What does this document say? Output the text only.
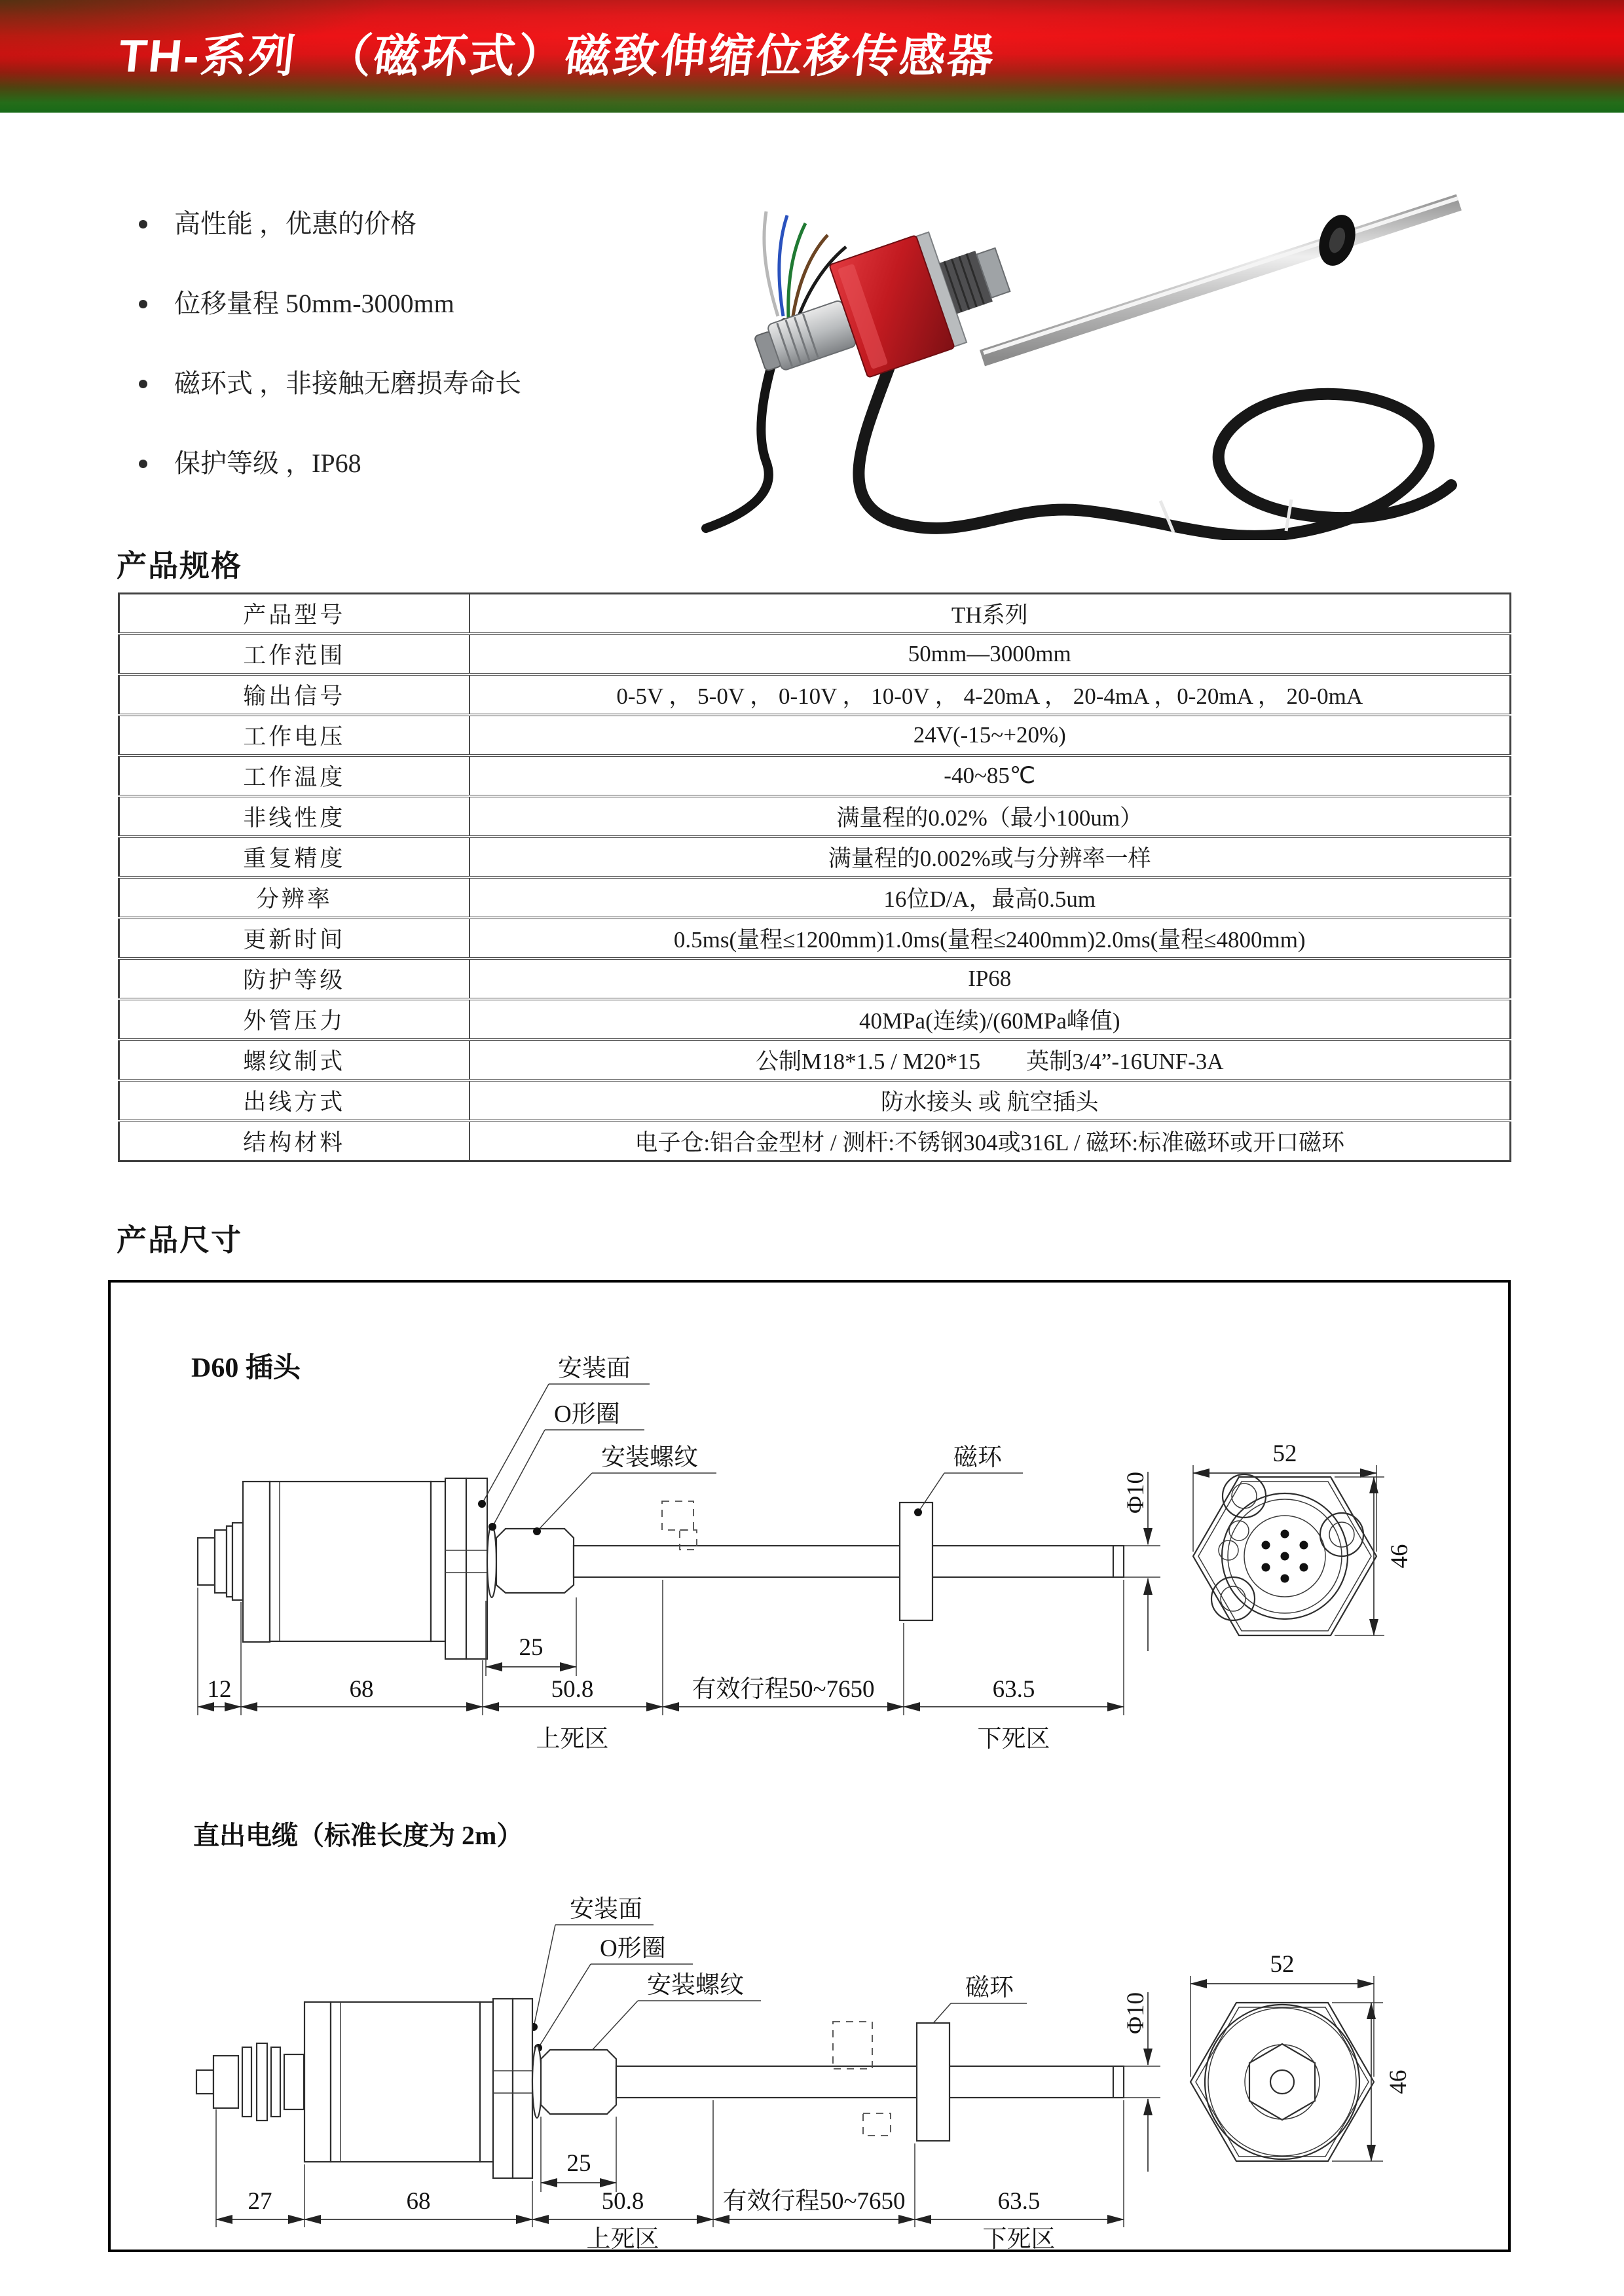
TH-系列  （磁环式）磁致伸缩位移传感器
高性能 ，优惠的价格
位移量程 50mm-3000mm
磁环式 ，非接触无磨损寿命长
保护等级 ，IP68
产品规格
产品型号	TH系列
工作范围	50mm—3000mm
输出信号	0-5V ， 5-0V ， 0-10V ， 10-0V ， 4-20mA ， 20-4mA ，0-20mA ， 20-0mA
工作电压	24V(-15~+20%)
工作温度	-40~85℃
非线性度	满量程的0.02%（最小100um）
重复精度	满量程的0.002%或与分辨率一样
分辨率	16位D/A，最高0.5um
更新时间	0.5ms(量程≤1200mm)1.0ms(量程≤2400mm)2.0ms(量程≤4800mm)
防护等级	IP68
外管压力	40MPa(连续)/(60MPa峰值)
螺纹制式	公制M18*1.5 / M20*15　　英制3/4”-16UNF-3A
出线方式	防水接头 或 航空插头
结构材料	电子仓:铝合金型材 / 测杆:不锈钢304或316L / 磁环:标准磁环或开口磁环
产品尺寸
D60 插头
直出电缆（标准长度为 2m）
安装面
O形圈
安装螺纹	磁环
Φ10
12	68	50.8	有效行程50~7650	63.5
上死区	下死区
25
52
46
安装面
O形圈
安装螺纹	磁环
Φ10
27	68	50.8	有效行程50~7650	63.5
上死区	下死区
25
52
46
